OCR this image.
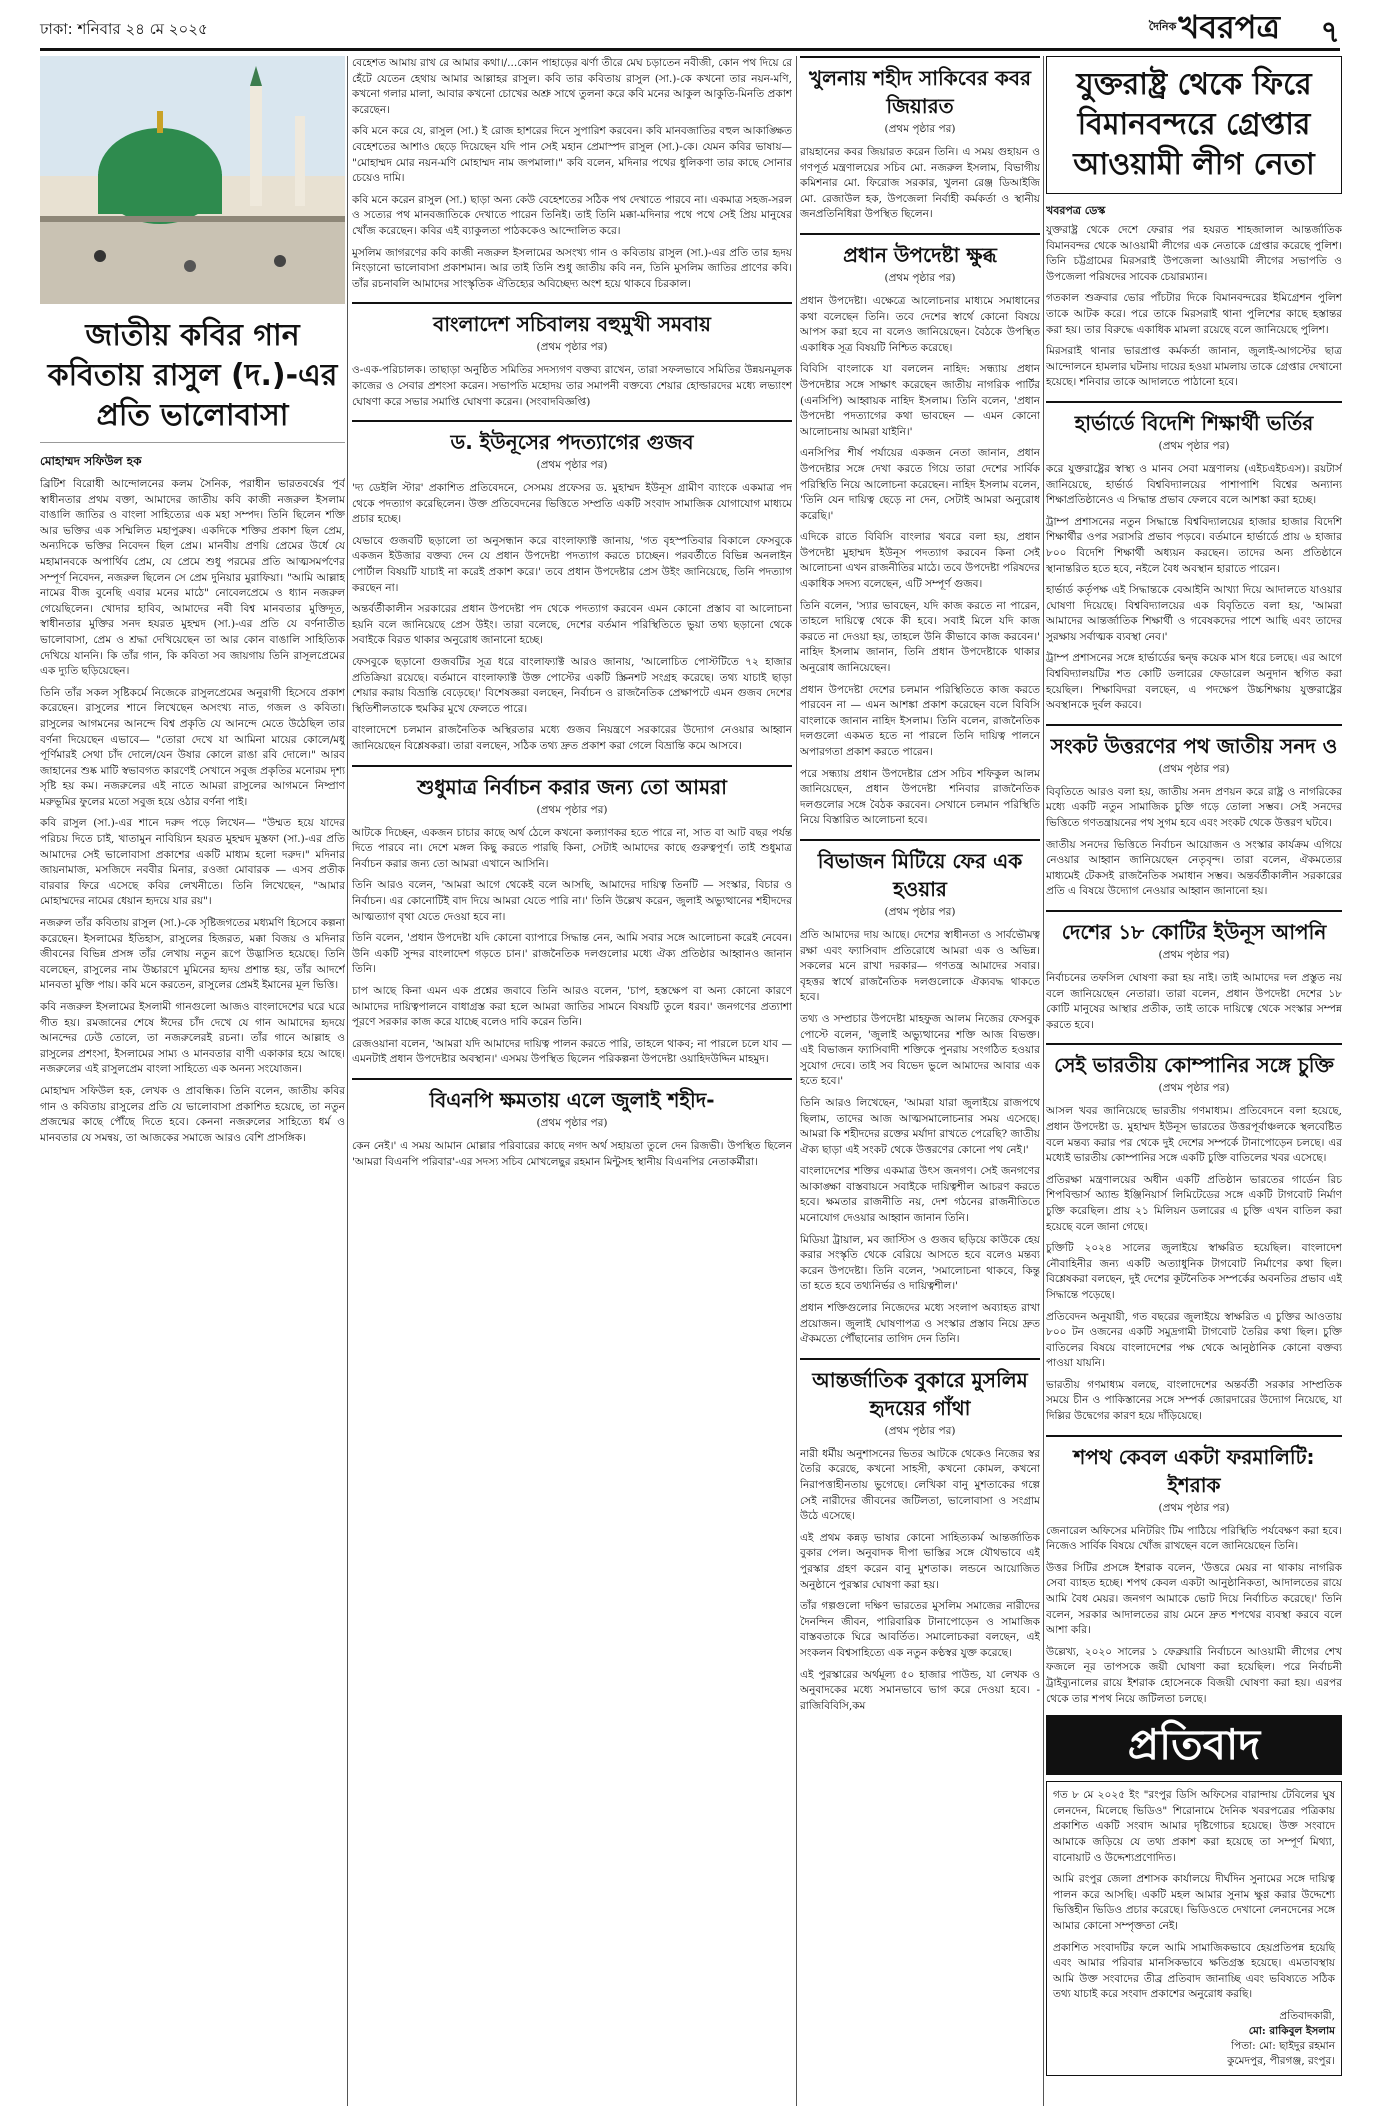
ঢাকা: শনিবার ২৪ মে ২০২৫	$^{দৈনিক}$খবরপত্র ৭
জাতীয় কবির গান কবিতায় রাসুল (দ.)-এর প্রতি ভালোবাসা
মোহাম্মদ সফিউল হক

ব্রিটিশ বিরোধী আন্দোলনের কলম সৈনিক, পরাধীন ভারতবর্ষের পূর্ব স্বাধীনতার প্রথম বক্তা, আমাদের জাতীয় কবি কাজী নজরুল ইসলাম বাঙালি জাতির ও বাংলা সাহিত্যের এক মহা সম্পদ। তিনি ছিলেন শক্তি আর ভক্তির এক সম্মিলিত মহাপুরুষ। একদিকে শক্তির প্রকাশ ছিল প্রেম, অন্যদিকে ভক্তির নিবেদন ছিল প্রেম। মানবীয় প্রণয়ি প্রেমের উর্ধে যে মহামানবকে অপার্থিব প্রেম, যে প্রেমে শুধু পরমের প্রতি আত্মসমর্পণের সম্পূর্ণ নিবেদন, নজরুল ছিলেন সে প্রেম দুনিয়ার মুরাফিয়া। "আমি আল্লাহ নামের বীজ বুনেছি এবার মনের মাঠে" নোবেলপ্রেমে ও ধ্যান নজরুল গেয়েছিলেন। খোদার হাবিব, আমাদের নবী বিশ্ব মানবতার মুক্তিদূত, স্বাধীনতার মুক্তির সনদ হযরত মুহম্মদ (সা.)-এর প্রতি যে বর্ণনাতীত ভালোবাসা, প্রেম ও শ্রদ্ধা দেখিয়েছেন তা আর কোন বাঙালি সাহিত্যিক দেখিয়ে যাননি। কি তাঁর গান, কি কবিতা সব জায়গায় তিনি রাসূলপ্রেমের এক দ্যুতি ছড়িয়েছেন।

তিনি তাঁর সকল সৃষ্টিকর্মে নিজেকে রাসুলপ্রেমের অনুরাগী হিসেবে প্রকাশ করেছেন। রাসুলের শানে লিখেছেন অসংখ্য নাত, গজল ও কবিতা। রাসুলের আগমনের আনন্দে বিশ্ব প্রকৃতি যে আনন্দে মেতে উঠেছিল তার বর্ণনা দিয়েছেন এভাবে— "তোরা দেখে যা আমিনা মায়ের কোলে/মধু পূর্ণিমারই সেথা চাঁদ দোলে/যেন উষার কোলে রাঙা রবি দোলে।" আরব জাহানের শুষ্ক মাটি স্বভাবগত কারণেই সেখানে সবুজ প্রকৃতির মনোরম দৃশ্য সৃষ্টি হয় কম। নজরুলের এই নাতে আমরা রাসুলের আগমনে নিষ্প্রাণ মরুভূমির ফুলের মতো সবুজ হয়ে ওঠার বর্ণনা পাই।

কবি রাসুল (সা.)-এর শানে দরুদ পড়ে লিখেন— "উম্মত হয়ে যাদের পরিচয় দিতে চাই, খাতামুন নাবিয়্যিন হযরত মুহম্মদ মুস্তফা (সা.)-এর প্রতি আমাদের সেই ভালোবাসা প্রকাশের একটি মাধ্যম হলো দরুদ।" মদিনার জায়নামাজ, মসজিদে নববীর মিনার, রওজা মোবারক — এসব প্রতীক বারবার ফিরে এসেছে কবির লেখনীতে। তিনি লিখেছেন, "আমার মোহাম্মদের নামের ধেয়ান হৃদয়ে যার রয়"।

নজরুল তাঁর কবিতায় রাসুল (সা.)-কে সৃষ্টিজগতের মধ্যমণি হিসেবে কল্পনা করেছেন। ইসলামের ইতিহাস, রাসুলের হিজরত, মক্কা বিজয় ও মদিনার জীবনের বিভিন্ন প্রসঙ্গ তাঁর লেখায় নতুন রূপে উদ্ভাসিত হয়েছে। তিনি বলেছেন, রাসুলের নাম উচ্চারণে মুমিনের হৃদয় প্রশান্ত হয়, তাঁর আদর্শে মানবতা মুক্তি পায়। কবি মনে করতেন, রাসুলের প্রেমই ইমানের মূল ভিত্তি।

কবি নজরুল ইসলামের ইসলামী গানগুলো আজও বাংলাদেশের ঘরে ঘরে গীত হয়। রমজানের শেষে ঈদের চাঁদ দেখে যে গান আমাদের হৃদয়ে আনন্দের ঢেউ তোলে, তা নজরুলেরই রচনা। তাঁর গানে আল্লাহ ও রাসুলের প্রশংসা, ইসলামের সাম্য ও মানবতার বাণী একাকার হয়ে আছে। নজরুলের এই রাসুলপ্রেম বাংলা সাহিত্যে এক অনন্য সংযোজন।

মোহাম্মদ সফিউল হক, লেখক ও প্রাবন্ধিক। তিনি বলেন, জাতীয় কবির গান ও কবিতায় রাসুলের প্রতি যে ভালোবাসা প্রকাশিত হয়েছে, তা নতুন প্রজন্মের কাছে পৌঁছে দিতে হবে। কেননা নজরুলের সাহিত্যে ধর্ম ও মানবতার যে সমন্বয়, তা আজকের সমাজে আরও বেশি প্রাসঙ্গিক।

বেহেশত আমায় রাখ রে আমার কথা।/...কোন পাহাড়ের ঝর্ণা তীরে মেঘ চড়াতেন নবীজী, কোন পথ দিয়ে রে হেঁটে যেতেন হেথায় আমার আল্লাহর রাসুল। কবি তার কবিতায় রাসুল (সা.)-কে কখনো তার নয়ন-মণি, কখনো গলার মালা, আবার কখনো চোখের অশ্রু সাথে তুলনা করে কবি মনের আকুল আকুতি-মিনতি প্রকাশ করেছেন।

কবি মনে করে যে, রাসুল (সা.) ই রোজ হাশরের দিনে সুপারিশ করবেন। কবি মানবজাতির বহুল আকাঙ্ক্ষিত বেহেশতের আশাও ছেড়ে দিয়েছেন যদি পান সেই মহান প্রেমাস্পদ রাসুল (সা.)-কে। যেমন কবির ভাষায়— "মোহাম্মদ মোর নয়ন-মণি মোহাম্মদ নাম জপমালা।" কবি বলেন, মদিনার পথের ধুলিকণা তার কাছে সোনার চেয়েও দামি।

কবি মনে করেন রাসুল (সা.) ছাড়া অন্য কেউ বেহেশতের সঠিক পথ দেখাতে পারবে না। একমাত্র সহজ-সরল ও সত্যের পথ মানবজাতিকে দেখাতে পারেন তিনিই। তাই তিনি মক্কা-মদিনার পথে পথে সেই প্রিয় মানুষের খোঁজ করেছেন। কবির এই ব্যাকুলতা পাঠককেও আন্দোলিত করে।

মুসলিম জাগরণের কবি কাজী নজরুল ইসলামের অসংখ্য গান ও কবিতায় রাসুল (সা.)-এর প্রতি তার হৃদয় নিংড়ানো ভালোবাসা প্রকাশমান। আর তাই তিনি শুধু জাতীয় কবি নন, তিনি মুসলিম জাতির প্রাণের কবি। তাঁর রচনাবলি আমাদের সাংস্কৃতিক ঐতিহ্যের অবিচ্ছেদ্য অংশ হয়ে থাকবে চিরকাল।

বাংলাদেশ সচিবালয় বহুমুখী সমবায়
(প্রথম পৃষ্ঠার পর)

ও-এক-পরিচালক। তাছাড়া অনুষ্ঠিত সমিতির সদস্যগণ বক্তব্য রাখেন, তারা সফলভাবে সমিতির উন্নয়নমূলক কাজের ও সেবার প্রশংসা করেন। সভাপতি মহোদয় তার সমাপনী বক্তব্যে শেয়ার হোল্ডারদের মধ্যে লভ্যাংশ ঘোষণা করে সভার সমাপ্তি ঘোষণা করেন। (সংবাদবিজ্ঞপ্তি)

ড. ইউনূসের পদত্যাগের গুজব
(প্রথম পৃষ্ঠার পর)

'দ্য ডেইলি স্টার' প্রকাশিত প্রতিবেদনে, সেসময় প্রফেসর ড. মুহাম্মদ ইউনূস গ্রামীণ ব্যাংকে একমাত্র পদ থেকে পদত্যাগ করেছিলেন। উক্ত প্রতিবেদনের ভিত্তিতে সম্প্রতি একটি সংবাদ সামাজিক যোগাযোগ মাধ্যমে প্রচার হচ্ছে।

যেভাবে গুজবটি ছড়ালো তা অনুসন্ধান করে বাংলাফ্যাক্ট জানায়, 'গত বৃহস্পতিবার বিকালে ফেসবুকে একজন ইউজার বক্তব্য দেন যে প্রধান উপদেষ্টা পদত্যাগ করতে চাচ্ছেন। পরবর্তীতে বিভিন্ন অনলাইন পোর্টাল বিষয়টি যাচাই না করেই প্রকাশ করে।' তবে প্রধান উপদেষ্টার প্রেস উইং জানিয়েছে, তিনি পদত্যাগ করছেন না।

অন্তর্বর্তীকালীন সরকারের প্রধান উপদেষ্টা পদ থেকে পদত্যাগ করবেন এমন কোনো প্রস্তাব বা আলোচনা হয়নি বলে জানিয়েছে প্রেস উইং। তারা বলেছে, দেশের বর্তমান পরিস্থিতিতে ভুয়া তথ্য ছড়ানো থেকে সবাইকে বিরত থাকার অনুরোধ জানানো হচ্ছে।

ফেসবুকে ছড়ানো গুজবটির সূত্র ধরে বাংলাফ্যাক্ট আরও জানায়, 'আলোচিত পোস্টটিতে ৭২ হাজার প্রতিক্রিয়া রয়েছে। বর্তমানে বাংলাফ্যাক্ট উক্ত পোস্টের একটি স্ক্রিনশট সংগ্রহ করেছে। তথ্য যাচাই ছাড়া শেয়ার করায় বিভ্রান্তি বেড়েছে।' বিশেষজ্ঞরা বলছেন, নির্বাচন ও রাজনৈতিক প্রেক্ষাপটে এমন গুজব দেশের স্থিতিশীলতাকে হুমকির মুখে ফেলতে পারে।

বাংলাদেশে চলমান রাজনৈতিক অস্থিরতার মধ্যে গুজব নিয়ন্ত্রণে সরকারের উদ্যোগ নেওয়ার আহ্বান জানিয়েছেন বিশ্লেষকরা। তারা বলছেন, সঠিক তথ্য দ্রুত প্রকাশ করা গেলে বিভ্রান্তি কমে আসবে।

শুধুমাত্র নির্বাচন করার জন্য তো আমরা
(প্রথম পৃষ্ঠার পর)

আটকে দিচ্ছেন, একজন চাচার কাছে অর্থ ঠেলে কখনো কল্যাণকর হতে পারে না, সাত বা আট বছর পর্যন্ত দিতে পারবে না। দেশে মঙ্গল কিছু করতে পারছি কিনা, সেটাই আমাদের কাছে গুরুত্বপূর্ণ। তাই শুধুমাত্র নির্বাচন করার জন্য তো আমরা এখানে আসিনি।

তিনি আরও বলেন, 'আমরা আগে থেকেই বলে আসছি, আমাদের দায়িত্ব তিনটি — সংস্কার, বিচার ও নির্বাচন। এর কোনোটিই বাদ দিয়ে আমরা যেতে পারি না।' তিনি উল্লেখ করেন, জুলাই অভ্যুত্থানের শহীদদের আত্মত্যাগ বৃথা যেতে দেওয়া হবে না।

তিনি বলেন, 'প্রধান উপদেষ্টা যদি কোনো ব্যাপারে সিদ্ধান্ত নেন, আমি সবার সঙ্গে আলোচনা করেই নেবেন। উনি একটি সুন্দর বাংলাদেশ গড়তে চান।' রাজনৈতিক দলগুলোর মধ্যে ঐক্য প্রতিষ্ঠার আহ্বানও জানান তিনি।

চাপ আছে কিনা এমন এক প্রশ্নের জবাবে তিনি আরও বলেন, 'চাপ, হস্তক্ষেপ বা অন্য কোনো কারণে আমাদের দায়িত্বপালনে বাধাগ্রস্ত করা হলে আমরা জাতির সামনে বিষয়টি তুলে ধরব।' জনগণের প্রত্যাশা পূরণে সরকার কাজ করে যাচ্ছে বলেও দাবি করেন তিনি।

রেজওয়ানা বলেন, 'আমরা যদি আমাদের দায়িত্ব পালন করতে পারি, তাহলে থাকব; না পারলে চলে যাব — এমনটাই প্রধান উপদেষ্টার অবস্থান।' এসময় উপস্থিত ছিলেন পরিকল্পনা উপদেষ্টা ওয়াহিদউদ্দিন মাহমুদ।

বিএনপি ক্ষমতায় এলে জুলাই শহীদ-
(প্রথম পৃষ্ঠার পর)

কেন নেই।' এ সময় আমান মোল্লার পরিবারের কাছে নগদ অর্থ সহায়তা তুলে দেন রিজভী। উপস্থিত ছিলেন 'আমরা বিএনপি পরিবার'-এর সদস্য সচিব মোখলেছুর রহমান মিন্টুসহ স্থানীয় বিএনপির নেতাকর্মীরা।

খুলনায় শহীদ সাকিবের কবর জিয়ারত
(প্রথম পৃষ্ঠার পর)

রায়হানের কবর জিয়ারত করেন তিনি। এ সময় গুহায়ন ও গণপূর্ত মন্ত্রণালয়ের সচিব মো. নজরুল ইসলাম, বিভাগীয় কমিশনার মো. ফিরোজ সরকার, খুলনা রেঞ্জ ডিআইজি মো. রেজাউল হক, উপজেলা নির্বাহী কর্মকর্তা ও স্থানীয় জনপ্রতিনিধিরা উপস্থিত ছিলেন।

প্রধান উপদেষ্টা ক্ষুব্ধ
(প্রথম পৃষ্ঠার পর)

প্রধান উপদেষ্টা। এক্ষেত্রে আলোচনার মাধ্যমে সমাধানের কথা বলেছেন তিনি। তবে দেশের স্বার্থে কোনো বিষয়ে আপস করা হবে না বলেও জানিয়েছেন। বৈঠকে উপস্থিত একাধিক সূত্র বিষয়টি নিশ্চিত করেছে।

বিবিসি বাংলাকে যা বললেন নাহিদ: সন্ধ্যায় প্রধান উপদেষ্টার সঙ্গে সাক্ষাৎ করেছেন জাতীয় নাগরিক পার্টির (এনসিপি) আহ্বায়ক নাহিদ ইসলাম। তিনি বলেন, 'প্রধান উপদেষ্টা পদত্যাগের কথা ভাবছেন — এমন কোনো আলোচনায় আমরা যাইনি।'

এনসিপির শীর্ষ পর্যায়ের একজন নেতা জানান, প্রধান উপদেষ্টার সঙ্গে দেখা করতে গিয়ে তারা দেশের সার্বিক পরিস্থিতি নিয়ে আলোচনা করেছেন। নাহিদ ইসলাম বলেন, 'তিনি যেন দায়িত্ব ছেড়ে না দেন, সেটাই আমরা অনুরোধ করেছি।'

এদিকে রাতে বিবিসি বাংলার খবরে বলা হয়, প্রধান উপদেষ্টা মুহাম্মদ ইউনূস পদত্যাগ করবেন কিনা সেই আলোচনা এখন রাজনীতির মাঠে। তবে উপদেষ্টা পরিষদের একাধিক সদস্য বলেছেন, এটি সম্পূর্ণ গুজব।

তিনি বলেন, 'স্যার ভাবছেন, যদি কাজ করতে না পারেন, তাহলে দায়িত্বে থেকে কী হবে। সবাই মিলে যদি কাজ করতে না দেওয়া হয়, তাহলে উনি কীভাবে কাজ করবেন।' নাহিদ ইসলাম জানান, তিনি প্রধান উপদেষ্টাকে থাকার অনুরোধ জানিয়েছেন।

প্রধান উপদেষ্টা দেশের চলমান পরিস্থিতিতে কাজ করতে পারবেন না — এমন আশঙ্কা প্রকাশ করেছেন বলে বিবিসি বাংলাকে জানান নাহিদ ইসলাম। তিনি বলেন, রাজনৈতিক দলগুলো একমত হতে না পারলে তিনি দায়িত্ব পালনে অপারগতা প্রকাশ করতে পারেন।

পরে সন্ধ্যায় প্রধান উপদেষ্টার প্রেস সচিব শফিকুল আলম জানিয়েছেন, প্রধান উপদেষ্টা শনিবার রাজনৈতিক দলগুলোর সঙ্গে বৈঠক করবেন। সেখানে চলমান পরিস্থিতি নিয়ে বিস্তারিত আলোচনা হবে।

বিভাজন মিটিয়ে ফের এক হওয়ার
(প্রথম পৃষ্ঠার পর)

প্রতি আমাদের দায় আছে। দেশের স্বাধীনতা ও সার্বভৌমত্ব রক্ষা এবং ফ্যাসিবাদ প্রতিরোধে আমরা এক ও অভিন্ন। সকলের মনে রাখা দরকার— গণতন্ত্র আমাদের সবার। বৃহত্তর স্বার্থে রাজনৈতিক দলগুলোকে ঐক্যবদ্ধ থাকতে হবে।

তথ্য ও সম্প্রচার উপদেষ্টা মাহফুজ আলম নিজের ফেসবুক পোস্টে বলেন, 'জুলাই অভ্যুত্থানের শক্তি আজ বিভক্ত। এই বিভাজন ফ্যাসিবাদী শক্তিকে পুনরায় সংগঠিত হওয়ার সুযোগ দেবে। তাই সব বিভেদ ভুলে আমাদের আবার এক হতে হবে।'

তিনি আরও লিখেছেন, 'আমরা যারা জুলাইয়ে রাজপথে ছিলাম, তাদের আজ আত্মসমালোচনার সময় এসেছে। আমরা কি শহীদদের রক্তের মর্যাদা রাখতে পেরেছি? জাতীয় ঐক্য ছাড়া এই সংকট থেকে উত্তরণের কোনো পথ নেই।'

বাংলাদেশের শক্তির একমাত্র উৎস জনগণ। সেই জনগণের আকাঙ্ক্ষা বাস্তবায়নে সবাইকে দায়িত্বশীল আচরণ করতে হবে। ক্ষমতার রাজনীতি নয়, দেশ গঠনের রাজনীতিতে মনোযোগ দেওয়ার আহ্বান জানান তিনি।

মিডিয়া ট্রায়াল, মব জাস্টিস ও গুজব ছড়িয়ে কাউকে হেয় করার সংস্কৃতি থেকে বেরিয়ে আসতে হবে বলেও মন্তব্য করেন উপদেষ্টা। তিনি বলেন, 'সমালোচনা থাকবে, কিন্তু তা হতে হবে তথ্যনির্ভর ও দায়িত্বশীল।'

প্রধান শক্তিগুলোর নিজেদের মধ্যে সংলাপ অব্যাহত রাখা প্রয়োজন। জুলাই ঘোষণাপত্র ও সংস্কার প্রস্তাব নিয়ে দ্রুত ঐকমত্যে পৌঁছানোর তাগিদ দেন তিনি।

আন্তর্জাতিক বুকারে মুসলিম হৃদয়ের গাঁথা
(প্রথম পৃষ্ঠার পর)

নারী ধর্মীয় অনুশাসনের ভিতর আটকে থেকেও নিজের স্বর তৈরি করেছে, কখনো সাহসী, কখনো কোমল, কখনো নিরাপত্তাহীনতায় ভুগেছে। লেখিকা বানু মুশতাকের গল্পে সেই নারীদের জীবনের জটিলতা, ভালোবাসা ও সংগ্রাম উঠে এসেছে।

এই প্রথম কন্নড় ভাষার কোনো সাহিত্যকর্ম আন্তর্জাতিক বুকার পেল। অনুবাদক দীপা ভাস্তির সঙ্গে যৌথভাবে এই পুরস্কার গ্রহণ করেন বানু মুশতাক। লন্ডনে আয়োজিত অনুষ্ঠানে পুরস্কার ঘোষণা করা হয়।

তাঁর গল্পগুলো দক্ষিণ ভারতের মুসলিম সমাজের নারীদের দৈনন্দিন জীবন, পারিবারিক টানাপোড়েন ও সামাজিক বাস্তবতাকে ঘিরে আবর্তিত। সমালোচকরা বলছেন, এই সংকলন বিশ্বসাহিত্যে এক নতুন কণ্ঠস্বর যুক্ত করেছে।

এই পুরস্কারের অর্থমূল্য ৫০ হাজার পাউন্ড, যা লেখক ও অনুবাদকের মধ্যে সমানভাবে ভাগ করে দেওয়া হবে। - রাজিবিবিসি,কম

যুক্তরাষ্ট্র থেকে ফিরে বিমানবন্দরে গ্রেপ্তার আওয়ামী লীগ নেতা
খবরপত্র ডেস্ক

যুক্তরাষ্ট্র থেকে দেশে ফেরার পর হযরত শাহজালাল আন্তর্জাতিক বিমানবন্দর থেকে আওয়ামী লীগের এক নেতাকে গ্রেপ্তার করেছে পুলিশ। তিনি চট্টগ্রামের মিরসরাই উপজেলা আওয়ামী লীগের সভাপতি ও উপজেলা পরিষদের সাবেক চেয়ারম্যান।

গতকাল শুক্রবার ভোর পাঁচটার দিকে বিমানবন্দরের ইমিগ্রেশন পুলিশ তাকে আটক করে। পরে তাকে মিরসরাই থানা পুলিশের কাছে হস্তান্তর করা হয়। তার বিরুদ্ধে একাধিক মামলা রয়েছে বলে জানিয়েছে পুলিশ।

মিরসরাই থানার ভারপ্রাপ্ত কর্মকর্তা জানান, জুলাই-আগস্টের ছাত্র আন্দোলনে হামলার ঘটনায় দায়ের হওয়া মামলায় তাকে গ্রেপ্তার দেখানো হয়েছে। শনিবার তাকে আদালতে পাঠানো হবে।

হার্ভার্ডে বিদেশি শিক্ষার্থী ভর্তির
(প্রথম পৃষ্ঠার পর)

করে যুক্তরাষ্ট্রের স্বাস্থ্য ও মানব সেবা মন্ত্রণালয় (এইচএইচএস)। রয়টার্স জানিয়েছে, হার্ভার্ড বিশ্ববিদ্যালয়ের পাশাপাশি বিশ্বের অন্যান্য শিক্ষাপ্রতিষ্ঠানেও এ সিদ্ধান্ত প্রভাব ফেলবে বলে আশঙ্কা করা হচ্ছে।

ট্রাম্প প্রশাসনের নতুন সিদ্ধান্তে বিশ্ববিদ্যালয়ের হাজার হাজার বিদেশি শিক্ষার্থীর ওপর সরাসরি প্রভাব পড়বে। বর্তমানে হার্ভার্ডে প্রায় ৬ হাজার ৮০০ বিদেশি শিক্ষার্থী অধ্যয়ন করছেন। তাদের অন্য প্রতিষ্ঠানে স্থানান্তরিত হতে হবে, নইলে বৈধ অবস্থান হারাতে পারেন।

হার্ভার্ড কর্তৃপক্ষ এই সিদ্ধান্তকে বেআইনি আখ্যা দিয়ে আদালতে যাওয়ার ঘোষণা দিয়েছে। বিশ্ববিদ্যালয়ের এক বিবৃতিতে বলা হয়, 'আমরা আমাদের আন্তর্জাতিক শিক্ষার্থী ও গবেষকদের পাশে আছি এবং তাদের সুরক্ষায় সর্বাত্মক ব্যবস্থা নেব।'

ট্রাম্প প্রশাসনের সঙ্গে হার্ভার্ডের দ্বন্দ্ব কয়েক মাস ধরে চলছে। এর আগে বিশ্ববিদ্যালয়টির শত কোটি ডলারের ফেডারেল অনুদান স্থগিত করা হয়েছিল। শিক্ষাবিদরা বলছেন, এ পদক্ষেপ উচ্চশিক্ষায় যুক্তরাষ্ট্রের অবস্থানকে দুর্বল করবে।

সংকট উত্তরণের পথ জাতীয় সনদ ও
(প্রথম পৃষ্ঠার পর)

বিবৃতিতে আরও বলা হয়, জাতীয় সনদ প্রণয়ন করে রাষ্ট্র ও নাগরিকের মধ্যে একটি নতুন সামাজিক চুক্তি গড়ে তোলা সম্ভব। সেই সনদের ভিত্তিতে গণতন্ত্রায়নের পথ সুগম হবে এবং সংকট থেকে উত্তরণ ঘটবে।

জাতীয় সনদের ভিত্তিতে নির্বাচন আয়োজন ও সংস্কার কার্যক্রম এগিয়ে নেওয়ার আহ্বান জানিয়েছেন নেতৃবৃন্দ। তারা বলেন, ঐকমত্যের মাধ্যমেই টেকসই রাজনৈতিক সমাধান সম্ভব। অন্তর্বর্তীকালীন সরকারের প্রতি এ বিষয়ে উদ্যোগ নেওয়ার আহ্বান জানানো হয়।

দেশের ১৮ কোটির ইউনূস আপনি
(প্রথম পৃষ্ঠার পর)

নির্বাচনের তফসিল ঘোষণা করা হয় নাই। তাই আমাদের দল প্রস্তুত নয় বলে জানিয়েছেন নেতারা। তারা বলেন, প্রধান উপদেষ্টা দেশের ১৮ কোটি মানুষের আস্থার প্রতীক, তাই তাকে দায়িত্বে থেকে সংস্কার সম্পন্ন করতে হবে।

সেই ভারতীয় কোম্পানির সঙ্গে চুক্তি
(প্রথম পৃষ্ঠার পর)

আসল খবর জানিয়েছে ভারতীয় গণমাধ্যম। প্রতিবেদনে বলা হয়েছে, প্রধান উপদেষ্টা ড. মুহাম্মদ ইউনূস ভারতের উত্তরপূর্বাঞ্চলকে স্থলবেষ্টিত বলে মন্তব্য করার পর থেকে দুই দেশের সম্পর্কে টানাপোড়েন চলছে। এর মধ্যেই ভারতীয় কোম্পানির সঙ্গে একটি চুক্তি বাতিলের খবর এসেছে।

প্রতিরক্ষা মন্ত্রণালয়ের অধীন একটি প্রতিষ্ঠান ভারতের গার্ডেন রিচ শিপবিল্ডার্স অ্যান্ড ইঞ্জিনিয়ার্স লিমিটেডের সঙ্গে একটি টাগবোট নির্মাণ চুক্তি করেছিল। প্রায় ২১ মিলিয়ন ডলারের এ চুক্তি এখন বাতিল করা হয়েছে বলে জানা গেছে।

চুক্তিটি ২০২৪ সালের জুলাইয়ে স্বাক্ষরিত হয়েছিল। বাংলাদেশ নৌবাহিনীর জন্য একটি অত্যাধুনিক টাগবোট নির্মাণের কথা ছিল। বিশ্লেষকরা বলছেন, দুই দেশের কূটনৈতিক সম্পর্কের অবনতির প্রভাব এই সিদ্ধান্তে পড়েছে।

প্রতিবেদন অনুযায়ী, গত বছরের জুলাইয়ে স্বাক্ষরিত এ চুক্তির আওতায় ৮০০ টন ওজনের একটি সমুদ্রগামী টাগবোট তৈরির কথা ছিল। চুক্তি বাতিলের বিষয়ে বাংলাদেশের পক্ষ থেকে আনুষ্ঠানিক কোনো বক্তব্য পাওয়া যায়নি।

ভারতীয় গণমাধ্যম বলছে, বাংলাদেশের অন্তর্বর্তী সরকার সাম্প্রতিক সময়ে চীন ও পাকিস্তানের সঙ্গে সম্পর্ক জোরদারের উদ্যোগ নিয়েছে, যা দিল্লির উদ্বেগের কারণ হয়ে দাঁড়িয়েছে।

শপথ কেবল একটা ফরমালিটি: ইশরাক
(প্রথম পৃষ্ঠার পর)

জেনারেল অফিসের মনিটরিং টিম পাঠিয়ে পরিস্থিতি পর্যবেক্ষণ করা হবে। নিজেও সার্বিক বিষয়ে খোঁজ রাখছেন বলে জানিয়েছেন তিনি।

উত্তর সিটির প্রসঙ্গে ইশরাক বলেন, 'উত্তরে মেয়র না থাকায় নাগরিক সেবা ব্যাহত হচ্ছে। শপথ কেবল একটা আনুষ্ঠানিকতা, আদালতের রায়ে আমি বৈধ মেয়র। জনগণ আমাকে ভোট দিয়ে নির্বাচিত করেছে।' তিনি বলেন, সরকার আদালতের রায় মেনে দ্রুত শপথের ব্যবস্থা করবে বলে আশা করি।

উল্লেখ্য, ২০২০ সালের ১ ফেব্রুয়ারি নির্বাচনে আওয়ামী লীগের শেখ ফজলে নূর তাপসকে জয়ী ঘোষণা করা হয়েছিল। পরে নির্বাচনী ট্রাইব্যুনালের রায়ে ইশরাক হোসেনকে বিজয়ী ঘোষণা করা হয়। এরপর থেকে তার শপথ নিয়ে জটিলতা চলছে।

প্রতিবাদ

গত ৮ মে ২০২৫ ইং "রংপুর ডিসি অফিসের বারান্দায় টেবিলের ঘুষ লেনদেন, মিলেছে ভিডিও" শিরোনামে দৈনিক খবরপত্রের পত্রিকায় প্রকাশিত একটি সংবাদ আমার দৃষ্টিগোচর হয়েছে। উক্ত সংবাদে আমাকে জড়িয়ে যে তথ্য প্রকাশ করা হয়েছে তা সম্পূর্ণ মিথ্যা, বানোয়াট ও উদ্দেশ্যপ্রণোদিত।

আমি রংপুর জেলা প্রশাসক কার্যালয়ে দীর্ঘদিন সুনামের সঙ্গে দায়িত্ব পালন করে আসছি। একটি মহল আমার সুনাম ক্ষুণ্ণ করার উদ্দেশ্যে ভিত্তিহীন ভিডিও প্রচার করেছে। ভিডিওতে দেখানো লেনদেনের সঙ্গে আমার কোনো সম্পৃক্ততা নেই।

প্রকাশিত সংবাদটির ফলে আমি সামাজিকভাবে হেয়প্রতিপন্ন হয়েছি এবং আমার পরিবার মানসিকভাবে ক্ষতিগ্রস্ত হয়েছে। এমতাবস্থায় আমি উক্ত সংবাদের তীব্র প্রতিবাদ জানাচ্ছি এবং ভবিষ্যতে সঠিক তথ্য যাচাই করে সংবাদ প্রকাশের অনুরোধ করছি।

প্রতিবাদকারী,
মো: রাকিবুল ইসলাম
পিতা: মো: ছাইদুর রহমান
কুমেদপুর, পীরগঞ্জ, রংপুর।
